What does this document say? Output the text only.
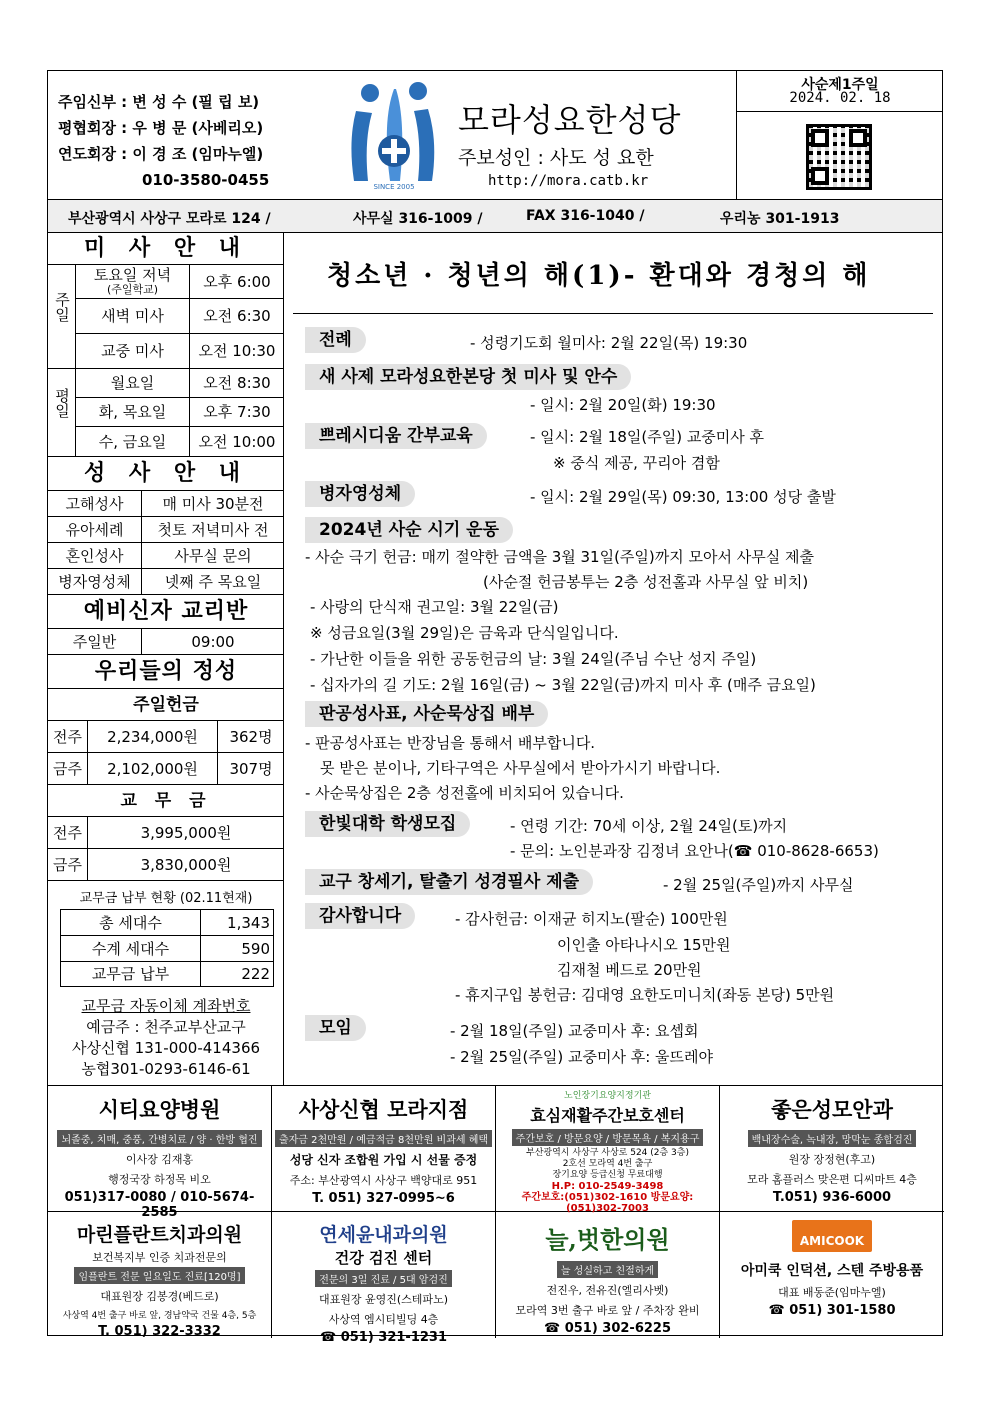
주임신부 : 변 성 수 (필 립 보)
평협회장 : 우 병 문 (사베리오)
연도회장 : 이 경 조 (임마누엘)
010-3580-0455	SINCE 2005
모라성요한성당
주보성인 : 사도 성 요한
http://mora.catb.kr
사순제1주일
2024. 02. 18
부산광역시 사상구 모라로 124 /	사무실 316-1009 /	FAX 316-1040 /	우리농 301-1913
미 사 안 내
주일
토요일 저녁
(주일학교)	오후 6:00
새벽 미사	오전 6:30
교중 미사	오전 10:30
평일
월요일	오전 8:30
화, 목요일	오후 7:30
수, 금요일	오전 10:00
성 사 안 내
고해성사	매 미사 30분전
유아세례	첫토 저녁미사 전
혼인성사	사무실 문의
병자영성체	넷째 주 목요일
예비신자 교리반
주일반	09:00
우리들의 정성
주일헌금
전주	2,234,000원	362명
금주	2,102,000원	307명
교 무 금
전주	3,995,000원
금주	3,830,000원
교무금 납부 현황 (02.11현재)
총 세대수	1,343
수계 세대수	590
교무금 납부	222
교무금 자동이체 계좌번호
예금주 : 천주교부산교구
사상신협 131-000-414366
농협301-0293-6146-61
청소년 · 청년의 해(1)- 환대와 경청의 해
전례	- 성령기도회 월미사: 2월 22일(목) 19:30
새 사제 모라성요한본당 첫 미사 및 안수
- 일시: 2월 20일(화) 19:30
쁘레시디움 간부교육	- 일시: 2월 18일(주일) 교중미사 후
※ 중식 제공, 꾸리아 겸함
병자영성체	- 일시: 2월 29일(목) 09:30, 13:00 성당 출발
2024년 사순 시기 운동
- 사순 극기 헌금: 매끼 절약한 금액을 3월 31일(주일)까지 모아서 사무실 제출
(사순절 헌금봉투는 2층 성전홀과 사무실 앞 비치)
- 사랑의 단식재 권고일: 3월 22일(금)
※ 성금요일(3월 29일)은 금육과 단식일입니다.
- 가난한 이들을 위한 공동헌금의 날: 3월 24일(주님 수난 성지 주일)
- 십자가의 길 기도: 2월 16일(금) ~ 3월 22일(금)까지 미사 후 (매주 금요일)
판공성사표, 사순묵상집 배부
- 판공성사표는 반장님을 통해서 배부합니다.
못 받은 분이나, 기타구역은 사무실에서 받아가시기 바랍니다.
- 사순묵상집은 2층 성전홀에 비치되어 있습니다.
한빛대학 학생모집	- 연령 기간: 70세 이상, 2월 24일(토)까지
- 문의: 노인분과장 김정녀 요안나(☎ 010-8628-6653)
교구 창세기, 탈출기 성경필사 제출	- 2월 25일(주일)까지 사무실
감사합니다	- 감사헌금: 이재균 히지노(팔순) 100만원
이인출 아타나시오 15만원
김재철 베드로 20만원
- 휴지구입 봉헌금: 김대영 요한도미니치(좌동 본당) 5만원
모임	- 2월 18일(주일) 교중미사 후: 요셉회
- 2월 25일(주일) 교중미사 후: 울뜨레야
시티요양병원
뇌졸중, 치매, 중풍, 간병치료 / 양 · 한방 협진
이사장 김재홍
행정국장 하정목 비오
051)317-0080 / 010-5674-2585
사상신협 모라지점
출자금 2천만원 / 예금적금 8천만원 비과세 혜택
성당 신자 조합원 가입 시 선물 증정
주소: 부산광역시 사상구 백양대로 951
T. 051) 327-0995~6
노인장기요양지정기관
효심재활주간보호센터
주간보호 / 방문요양 / 방문목욕 / 복지용구
부산광역시 사상구 사상로 524 (2층 3층)
2호선 모라역 4번 출구
장기요양 등급신청 무료대행
H.P: 010-2549-3498
주간보호:(051)302-1610 방문요양:(051)302-7003
좋은성모안과
백내장수술, 녹내장, 망막눈 종합검진
원장 장정현(후고)
모라 홈플러스 맞은편 디씨마트 4층
T.051) 936-6000
마린플란트치과의원
보건복지부 인증 치과전문의
임플란트 전문 일요일도 진료[120명]
대표원장 김봉경(베드로)
사상역 4번 출구 바로 앞, 경남약국 건물 4층, 5층
T. 051) 322-3332
연세윤내과의원
건강 검진 센터
전문의 3일 진료 / 5대 암검진
대표원장 윤영진(스테파노)
사상역 엠시티빌딩 4층
☎ 051) 321-1231
늘,벗한의원
늘 성실하고 친절하게
전진우, 전유진(엘리사벳)
모라역 3번 출구 바로 앞 / 주차장 완비
☎ 051) 302-6225
AMICOOK
아미쿡 인덕션, 스텐 주방용품
대표 배동준(임마누엘)
☎ 051) 301-1580
